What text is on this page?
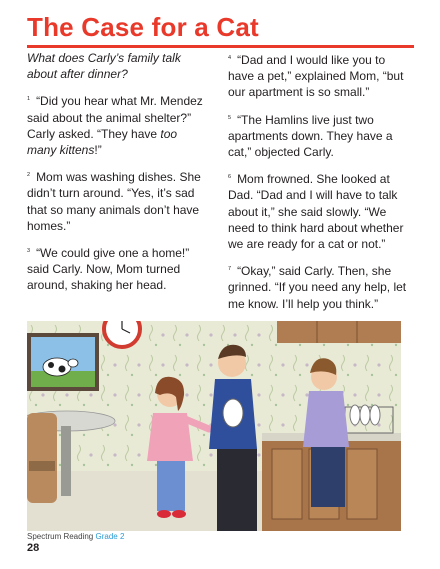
The Case for a Cat

What does Carly’s family talk about after dinner?

$^1$ “Did you hear what Mr. Mendez said about the animal shelter?” Carly asked. “They have too many kittens!”

$^2$ Mom was washing dishes. She didn’t turn around. “Yes, it’s sad that so many animals don’t have homes.”

$^3$ “We could give one a home!” said Carly. Now, Mom turned around, shaking her head.

$^4$ “Dad and I would like you to have a pet,” explained Mom, “but our apartment is so small.”

$^5$ “The Hamlins live just two apartments down. They have a cat,” objected Carly.

$^6$ Mom frowned. She looked at Dad. “Dad and I will have to talk about it,” she said slowly. “We need to think hard about whether we are ready for a cat or not.”

$^7$ “Okay,” said Carly. Then, she grinned. “If you need any help, let me know. I’ll help you think.”

Spectrum Reading Grade 2
28
